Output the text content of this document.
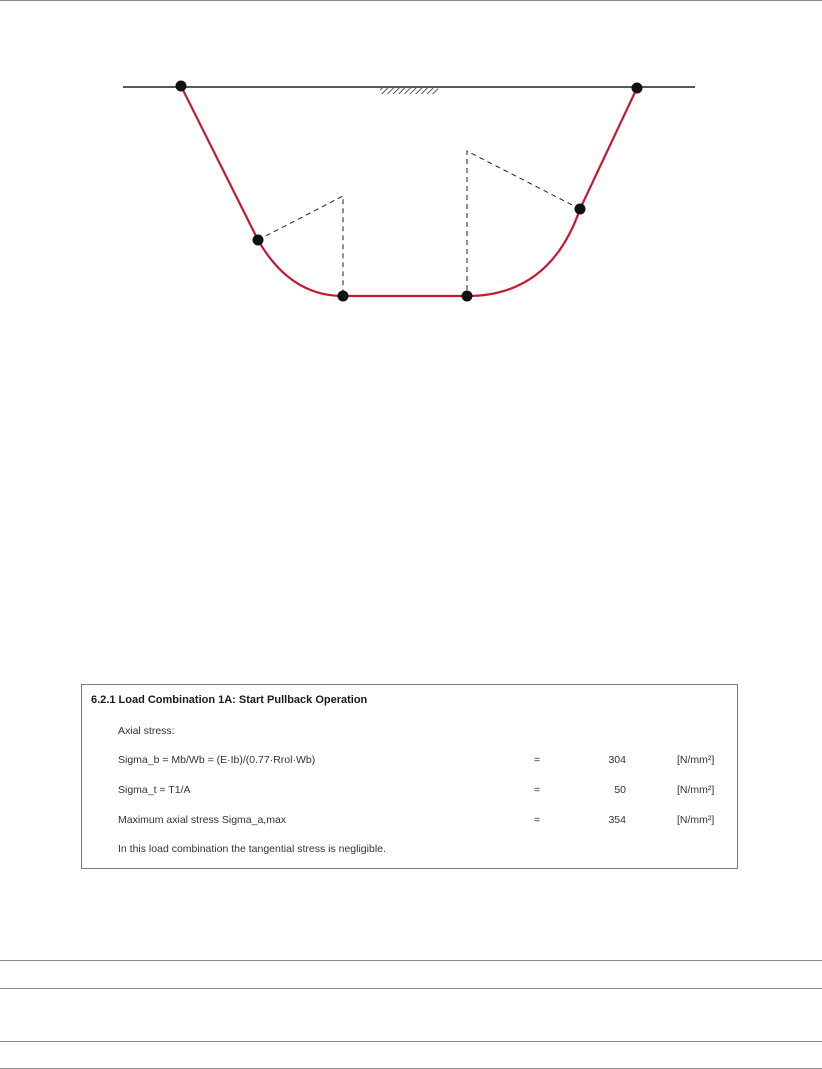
6.2.1 Load Combination 1A: Start Pullback Operation
Axial stress:
Sigma_b = Mb/Wb = (E·Ib)/(0.77·Rrol·Wb)	=	304	[N/mm²]
Sigma_t = T1/A	=	50	[N/mm²]
Maximum axial stress Sigma_a,max	=	354	[N/mm²]
In this load combination the tangential stress is negligible.
